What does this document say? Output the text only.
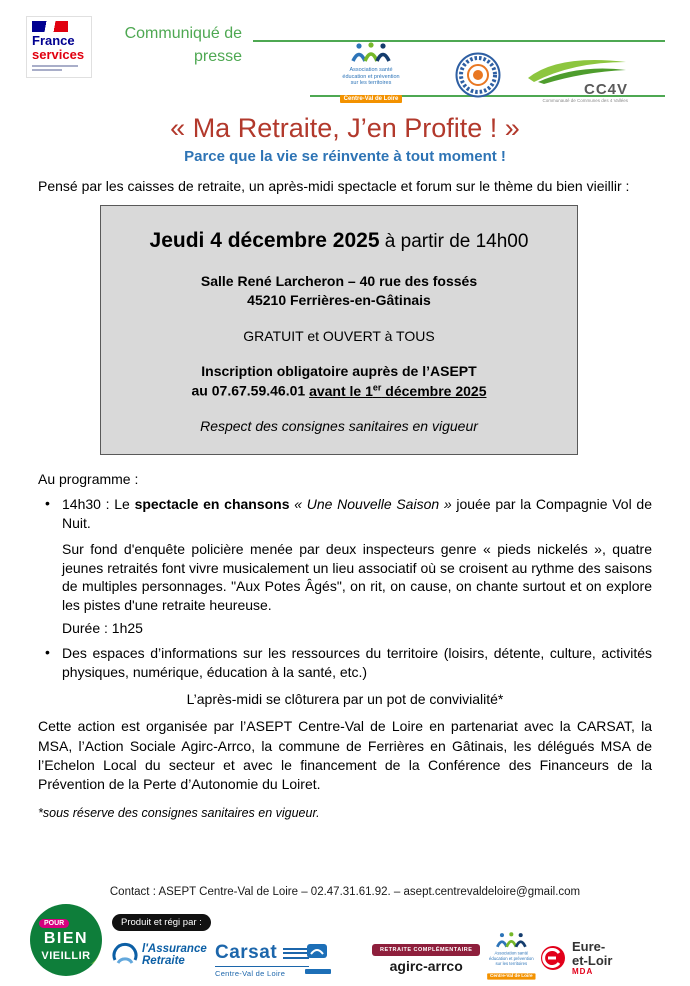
France
services
Communiqué de
presse
Association santé
éducation et prévention
sur les territoires
Centre-Val de Loire
CC4V
Communauté de Communes des 4 Vallées
« Ma Retraite, J’en Profite ! »
Parce que la vie se réinvente à tout moment !

Pensé par les caisses de retraite, un après-midi spectacle et forum sur le thème du bien vieillir :

Jeudi 4 décembre 2025 à partir de 14h00
Salle René Larcheron – 40 rue des fossés
45210 Ferrières-en-Gâtinais
GRATUIT et OUVERT à TOUS
Inscription obligatoire auprès de l’ASEPT
au 07.67.59.46.01 avant le 1er décembre 2025
Respect des consignes sanitaires en vigueur

Au programme :

•

14h30 : Le spectacle en chansons « Une Nouvelle Saison » jouée par la Compagnie Vol de Nuit.

Sur fond d'enquête policière menée par deux inspecteurs genre « pieds nickelés », quatre jeunes retraités font vivre musicalement un lieu associatif où se croisent au rythme des saisons de multiples personnages. "Aux Potes Âgés", on rit, on cause, on chante surtout et on explore les pistes d'une retraite heureuse.

Durée : 1h25

•

Des espaces d’informations sur les ressources du territoire (loisirs, détente, culture, activités physiques, numérique, éducation à la santé, etc.)

L’après-midi se clôturera par un pot de convivialité*

Cette action est organisée par l’ASEPT Centre-Val de Loire en partenariat avec la CARSAT, la MSA, l’Action Sociale Agirc-Arrco, la commune de Ferrières en Gâtinais, les délégués MSA de l’Echelon Local du secteur et avec le financement de la Conférence des Financeurs de la Prévention de la Perte d’Autonomie du Loiret.

*sous réserve des consignes sanitaires en vigueur.

Contact : ASEPT Centre-Val de Loire – 02.47.31.61.92. – asept.centrevaldeloire@gmail.com
POUR
BIEN
VIEILLIR
Produit et régi par :
l'Assurance
Retraite	Carsat
Centre-Val de Loire
RETRAITE COMPLÉMENTAIRE
agirc-arrco
Association santé
éducation et prévention
sur les territoires
Centre-Val de Loire
Eure-
et-Loir
MDA
